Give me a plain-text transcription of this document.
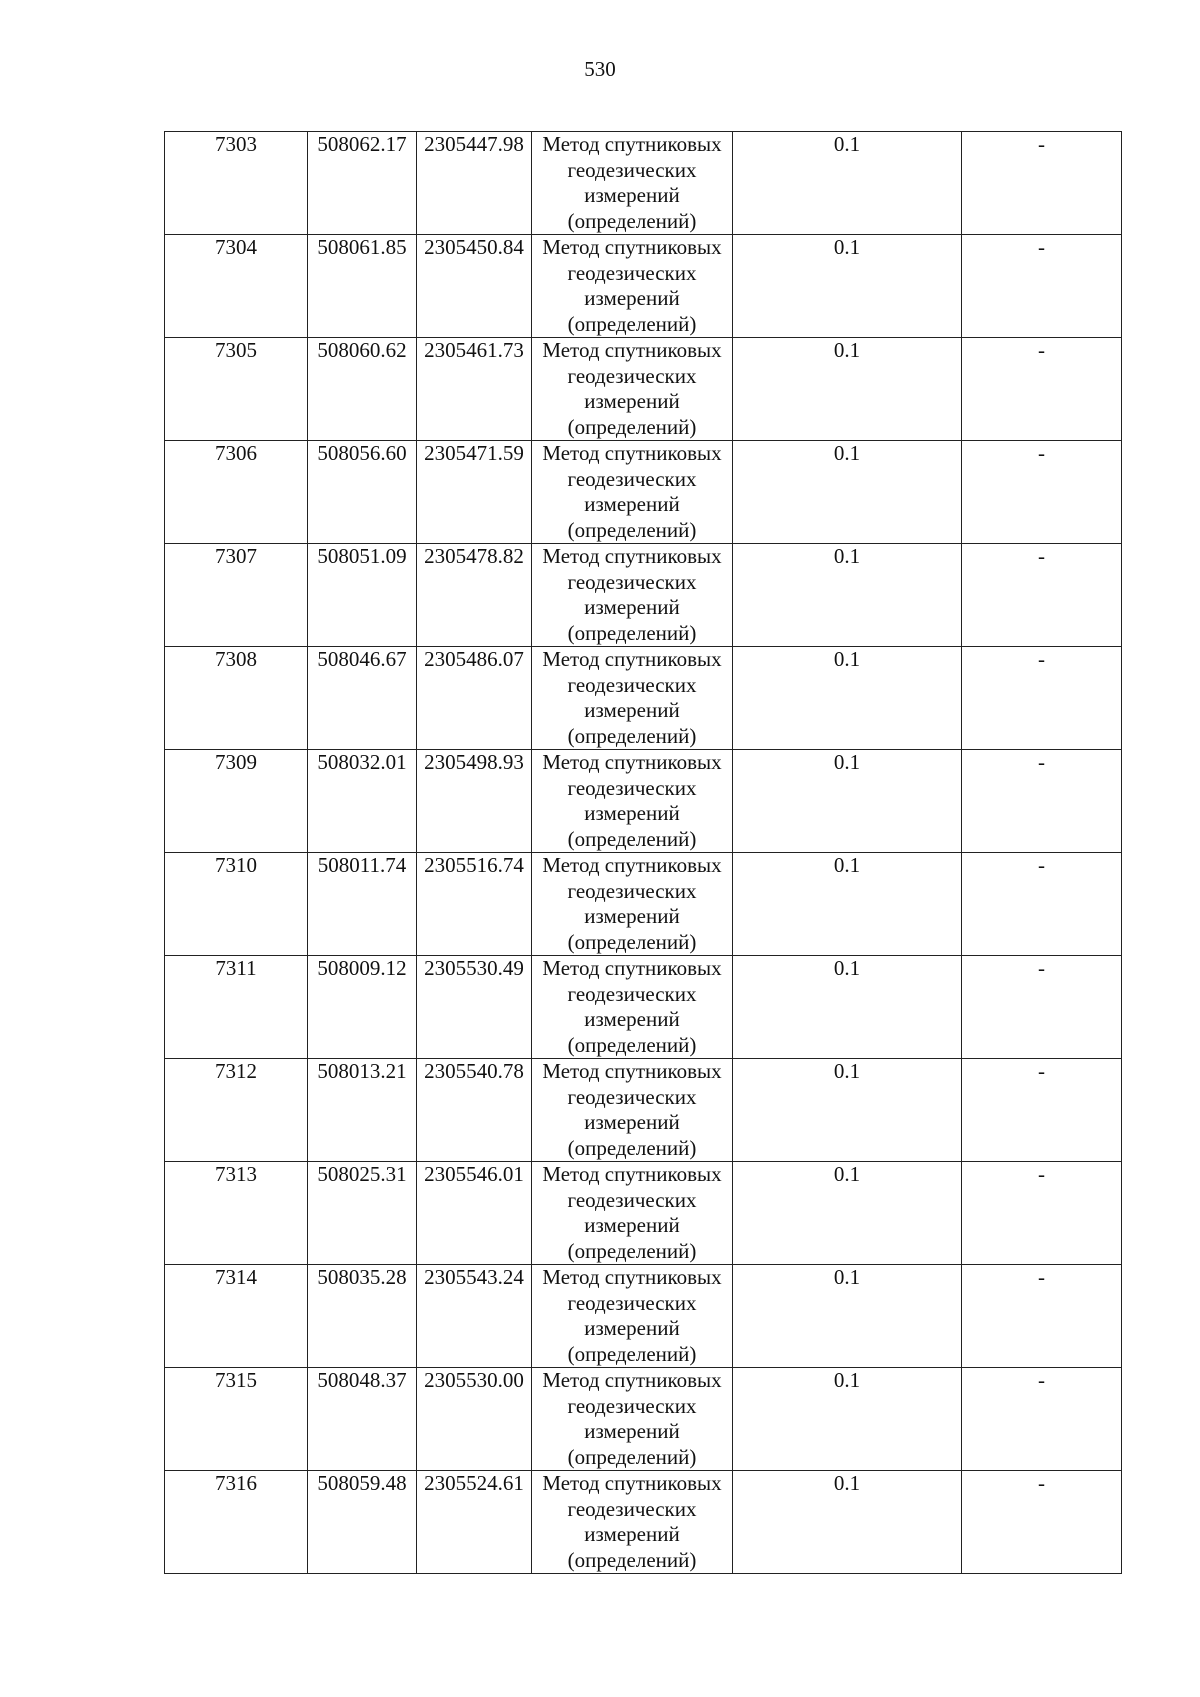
530
7303	508062.17	2305447.98	Метод спутниковых геодезических измерений (определений)	0.1	-
7304	508061.85	2305450.84	Метод спутниковых геодезических измерений (определений)	0.1	-
7305	508060.62	2305461.73	Метод спутниковых геодезических измерений (определений)	0.1	-
7306	508056.60	2305471.59	Метод спутниковых геодезических измерений (определений)	0.1	-
7307	508051.09	2305478.82	Метод спутниковых геодезических измерений (определений)	0.1	-
7308	508046.67	2305486.07	Метод спутниковых геодезических измерений (определений)	0.1	-
7309	508032.01	2305498.93	Метод спутниковых геодезических измерений (определений)	0.1	-
7310	508011.74	2305516.74	Метод спутниковых геодезических измерений (определений)	0.1	-
7311	508009.12	2305530.49	Метод спутниковых геодезических измерений (определений)	0.1	-
7312	508013.21	2305540.78	Метод спутниковых геодезических измерений (определений)	0.1	-
7313	508025.31	2305546.01	Метод спутниковых геодезических измерений (определений)	0.1	-
7314	508035.28	2305543.24	Метод спутниковых геодезических измерений (определений)	0.1	-
7315	508048.37	2305530.00	Метод спутниковых геодезических измерений (определений)	0.1	-
7316	508059.48	2305524.61	Метод спутниковых геодезических измерений (определений)	0.1	-
